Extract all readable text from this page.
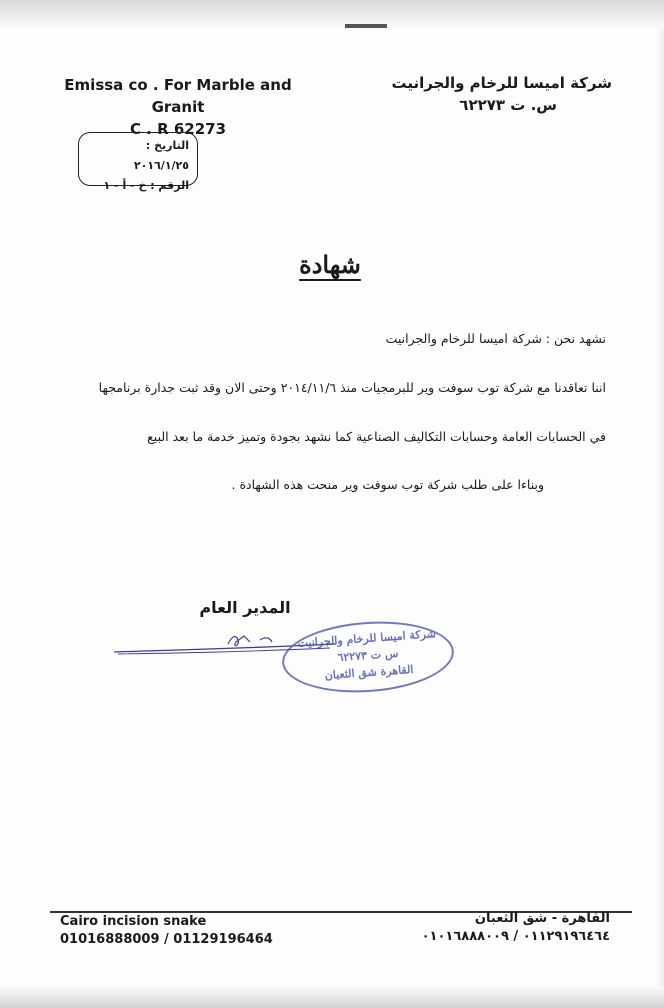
Emissa co . For Marble and Granit
C . R 62273
شركة اميسا للرخام والجرانيت
س. ت ٦٢٢٧٣
التاريخ : ٢٠١٦/١/٢٥
الرقم : خ - أ - ١
شهادة
نشهد نحن : شركة اميسا للرخام والجرانيت
اننا تعاقدنا مع شركة توب سوفت وير للبرمجيات منذ ٢٠١٤/١١/٦ وحتى الان وقد ثبت جدارة برنامجها
في الحسابات العامة وحسابات التكاليف الصناعية كما نشهد بجودة وتميز خدمة ما بعد البيع
وبناءا على طلب شركة توب سوفت وير منحت هذه الشهادة .
المدير العام
شركة اميسا للرخام والجرانيت
س ت ٦٢٢٧٣
القاهرة شق الثعبان
Cairo incision snake
01016888009 / 01129196464
القاهرة - شق الثعبان
٠١١٢٩١٩٦٤٦٤ / ٠١٠١٦٨٨٨٠٠٩
